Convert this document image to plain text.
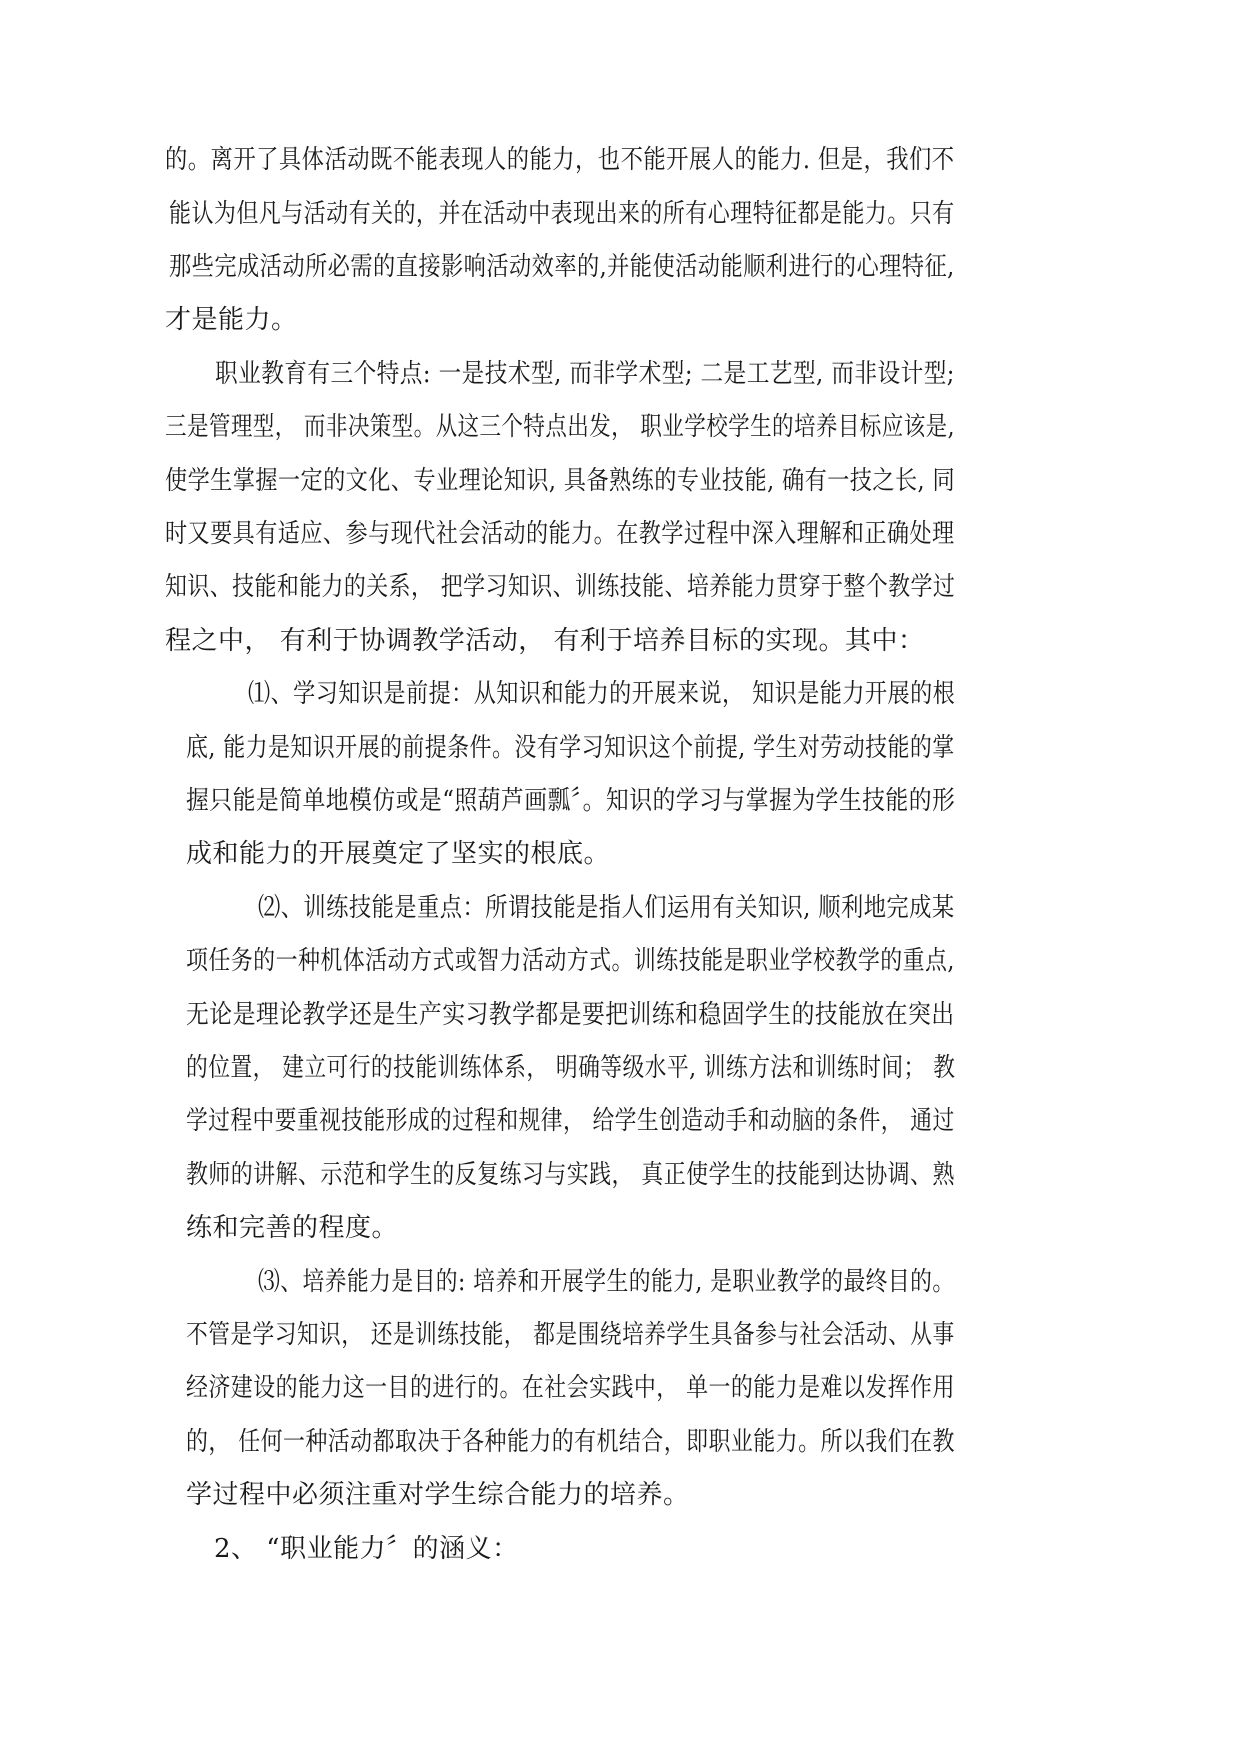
的。离开了具体活动既不能表现人的能力，也不能开展人的能力. 但是，我们不
能认为但凡与活动有关的，并在活动中表现出来的所有心理特征都是能力。只有
那些完成活动所必需的直接影响活动效率的,并能使活动能顺利进行的心理特征,
才是能力。
职业教育有三个特点: 一是技术型, 而非学术型; 二是工艺型, 而非设计型;
三是管理型， 而非决策型。从这三个特点出发， 职业学校学生的培养目标应该是,
使学生掌握一定的文化、专业理论知识, 具备熟练的专业技能, 确有一技之长, 同
时又要具有适应、参与现代社会活动的能力。在教学过程中深入理解和正确处理
知识、技能和能力的关系， 把学习知识、训练技能、培养能力贯穿于整个教学过
程之中， 有利于协调教学活动， 有利于培养目标的实现。其中：
⑴、学习知识是前提：从知识和能力的开展来说， 知识是能力开展的根
底, 能力是知识开展的前提条件。没有学习知识这个前提, 学生对劳动技能的掌
握只能是简单地模仿或是“照葫芦画瓢〞。知识的学习与掌握为学生技能的形
成和能力的开展奠定了坚实的根底。
⑵、训练技能是重点：所谓技能是指人们运用有关知识, 顺利地完成某
项任务的一种机体活动方式或智力活动方式。训练技能是职业学校教学的重点,
无论是理论教学还是生产实习教学都是要把训练和稳固学生的技能放在突出
的位置， 建立可行的技能训练体系， 明确等级水平, 训练方法和训练时间； 教
学过程中要重视技能形成的过程和规律， 给学生创造动手和动脑的条件， 通过
教师的讲解、示范和学生的反复练习与实践， 真正使学生的技能到达协调、熟
练和完善的程度。
⑶、培养能力是目的: 培养和开展学生的能力, 是职业教学的最终目的。
不管是学习知识， 还是训练技能， 都是围绕培养学生具备参与社会活动、从事
经济建设的能力这一目的进行的。在社会实践中， 单一的能力是难以发挥作用
的， 任何一种活动都取决于各种能力的有机结合，即职业能力。所以我们在教
学过程中必须注重对学生综合能力的培养。
2、 “职业能力〞的涵义：
